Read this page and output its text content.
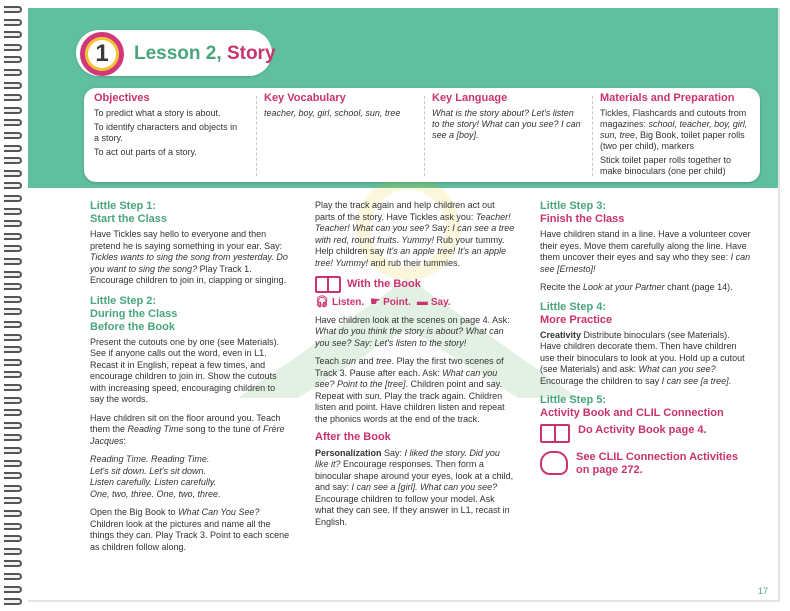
1 Lesson 2, Story
Objectives

To predict what a story is about.

To identify characters and objects in a story.

To act out parts of a story.

Key Vocabulary

teacher, boy, girl, school, sun, tree

Key Language

What is the story about? Let's listen to the story! What can you see? I can see a [boy].

Materials and Preparation

Tickles, Flashcards and cutouts from magazines: school, teacher, boy, girl, sun, tree, Big Book, toilet paper rolls (two per child), markers

Stick toilet paper rolls together to make binoculars (one per child)

Little Step 1:
Start the Class

Have Tickles say hello to everyone and then pretend he is saying something in your ear. Say: Tickles wants to sing the song from yesterday. Do you want to sing the song? Play Track 1. Encourage children to join in, clapping or singing.

Little Step 2:
During the Class
Before the Book

Present the cutouts one by one (see Materials). See if anyone calls out the word, even in L1. Recast it in English, repeat a few times, and encourage children to join in. Show the cutouts with increasing speed, encouraging children to say the words.

Have children sit on the floor around you. Teach them the Reading Time song to the tune of Frère Jacques:

Reading Time. Reading Time.
Let's sit down. Let's sit down.
Listen carefully. Listen carefully.
One, two, three. One, two, three.

Open the Big Book to What Can You See? Children look at the pictures and name all the things they can. Play Track 3. Point to each scene as children follow along.

Play the track again and help children act out parts of the story. Have Tickles ask you: Teacher! Teacher! What can you see? Say: I can see a tree with red, round fruits. Yummy! Rub your tummy. Help children say It's an apple tree! It's an apple tree! Yummy! and rub their tummies.

With the Book
🎧︎ Listen. ☛ Point. ▬ Say.

Have children look at the scenes on page 4. Ask: What do you think the story is about? What can you see? Say: Let's listen to the story!

Teach sun and tree. Play the first two scenes of Track 3. Pause after each. Ask: What can you see? Point to the [tree]. Children point and say. Repeat with sun. Play the track again. Children listen and point. Have children listen and repeat the phonics words at the end of the track.

After the Book

Personalization Say: I liked the story. Did you like it? Encourage responses. Then form a binocular shape around your eyes, look at a child, and say: I can see a [girl]. What can you see? Encourage children to follow your model. Ask what they can see. If they answer in L1, recast in English.

Little Step 3:
Finish the Class

Have children stand in a line. Have a volunteer cover their eyes. Move them carefully along the line. Have them uncover their eyes and say who they see: I can see [Ernesto]!

Recite the Look at your Partner chant (page 14).

Little Step 4:
More Practice

Creativity Distribute binoculars (see Materials). Have children decorate them. Then have children use their binoculars to look at you. Hold up a cutout (see Materials) and ask: What can you see? Encourage the children to say I can see [a tree].

Little Step 5:
Activity Book and CLIL Connection
Do Activity Book page 4.
See CLIL Connection Activities on page 272.
17
